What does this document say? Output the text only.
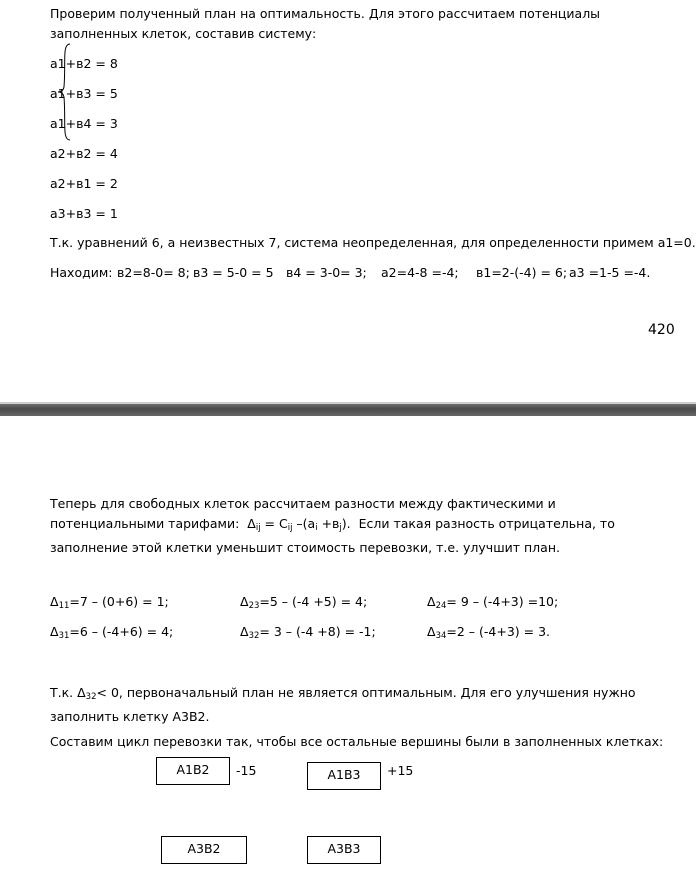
Проверим полученный план на оптимальность. Для этого рассчитаем потенциалы заполненных клеток, составив систему:
a1+в2 = 8
a1+в3 = 5
a1+в4 = 3
a2+в2 = 4
a2+в1 = 2
a3+в3 = 1
Т.к. уравнений 6, а неизвестных 7, система неопределенная, для определенности примем a1=0.
Находим: в2=8-0= 8; в3 = 5-0 = 5 в4 = 3-0= 3; a2=4-8 =-4; в1=2-(-4) = 6; a3 =1-5 =-4.
420
Теперь для свободных клеток рассчитаем разности между фактическими и потенциальными тарифами: $\Delta_{ij} = C_{ij}$ $-(a_i +в_j)$. Если такая разность отрицательна, то заполнение этой клетки уменьшит стоимость перевозки, т.е. улучшит план.
$\Delta_{11}=7 - (0+6) = 1$;	$\Delta_{23}=5 - (-4 +5) = 4$;	$\Delta_{24}= 9 - (-4+3) =10$;
$\Delta_{31}=6 - (-4+6) = 4$;	$\Delta_{32}= 3 - (-4 +8) = -1$;	$\Delta_{34}=2 - (-4+3) = 3$.
Т.к. $\Delta_{32}< 0$, первоначальный план не является оптимальным. Для его улучшения нужно заполнить клетку А3В2.
Составим цикл перевозки так, чтобы все остальные вершины были в заполненных клетках:
А1В2	-15	А1В3	+15
А3В2	А3В3
